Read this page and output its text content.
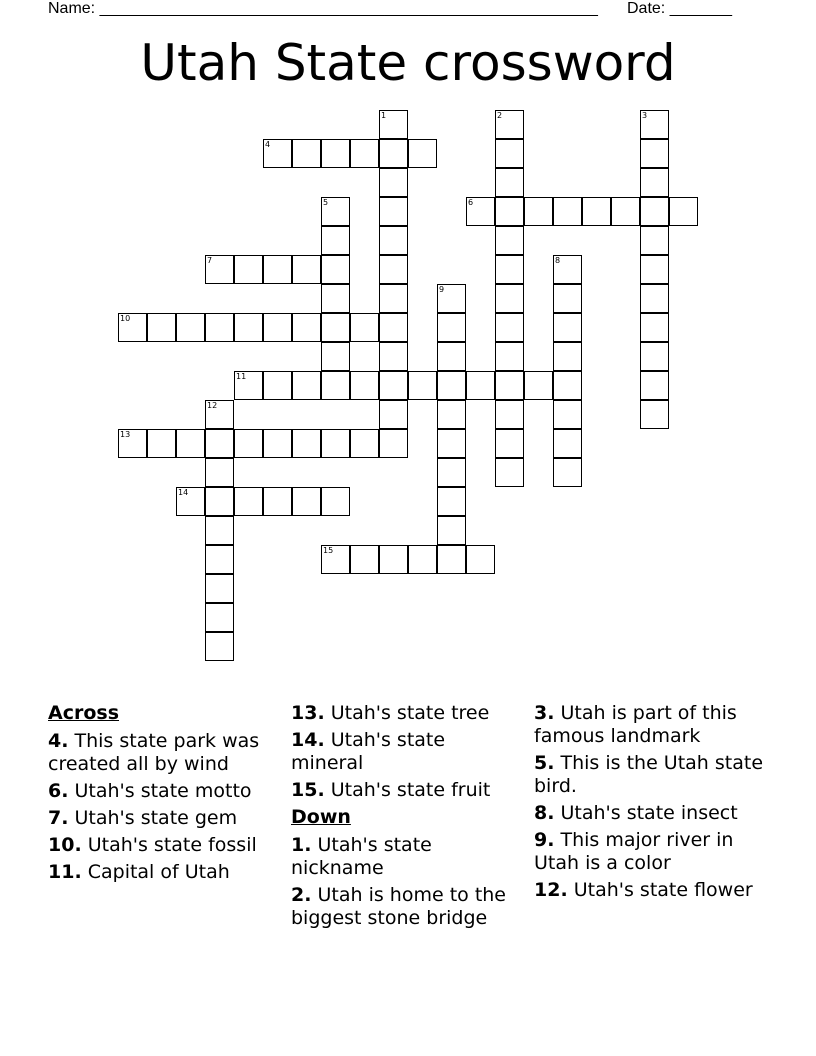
Name: ________________________________________________________ Date: _______
Utah State crossword
1	2	3
4
5	6
7	8
9
10
11
12
13
14
15
Across
4. This state park was created all by wind
6. Utah's state motto
7. Utah's state gem
10. Utah's state fossil
11. Capital of Utah
13. Utah's state tree
14. Utah's state mineral
15. Utah's state fruit
Down
1. Utah's state nickname
2. Utah is home to the biggest stone bridge
3. Utah is part of this famous landmark
5. This is the Utah state bird.
8. Utah's state insect
9. This major river in Utah is a color
12. Utah's state flower
